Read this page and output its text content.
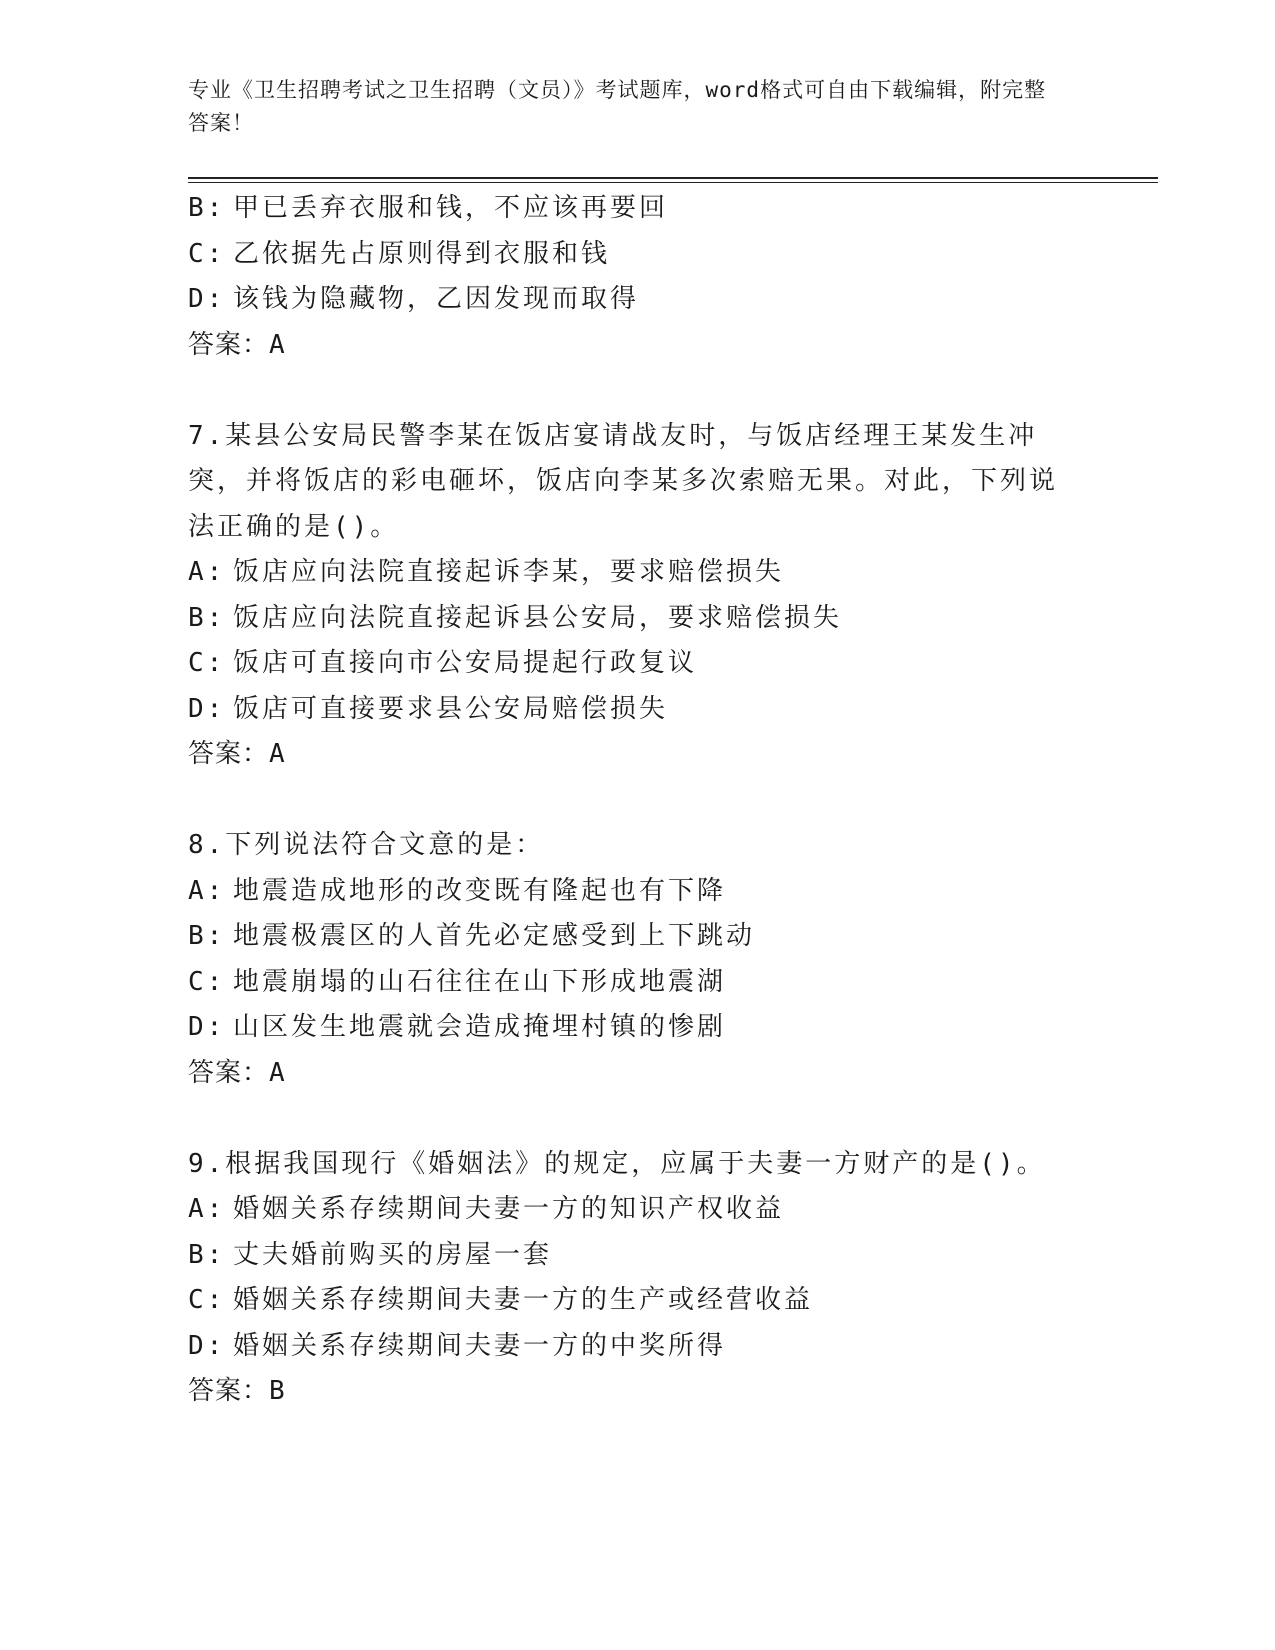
专业《卫生招聘考试之卫生招聘（文员）》考试题库，word格式可自由下载编辑，附完整答案！
B: 甲已丢弃衣服和钱，不应该再要回
C: 乙依据先占原则得到衣服和钱
D: 该钱为隐藏物，乙因发现而取得
答案：A
7.某县公安局民警李某在饭店宴请战友时，与饭店经理王某发生冲突，并将饭店的彩电砸坏，饭店向李某多次索赔无果。对此，下列说法正确的是()。
A: 饭店应向法院直接起诉李某，要求赔偿损失
B: 饭店应向法院直接起诉县公安局，要求赔偿损失
C: 饭店可直接向市公安局提起行政复议
D: 饭店可直接要求县公安局赔偿损失
答案：A
8.下列说法符合文意的是：
A: 地震造成地形的改变既有隆起也有下降
B: 地震极震区的人首先必定感受到上下跳动
C: 地震崩塌的山石往往在山下形成地震湖
D: 山区发生地震就会造成掩埋村镇的惨剧
答案：A
9.根据我国现行《婚姻法》的规定，应属于夫妻一方财产的是()。
A: 婚姻关系存续期间夫妻一方的知识产权收益
B: 丈夫婚前购买的房屋一套
C: 婚姻关系存续期间夫妻一方的生产或经营收益
D: 婚姻关系存续期间夫妻一方的中奖所得
答案：B
